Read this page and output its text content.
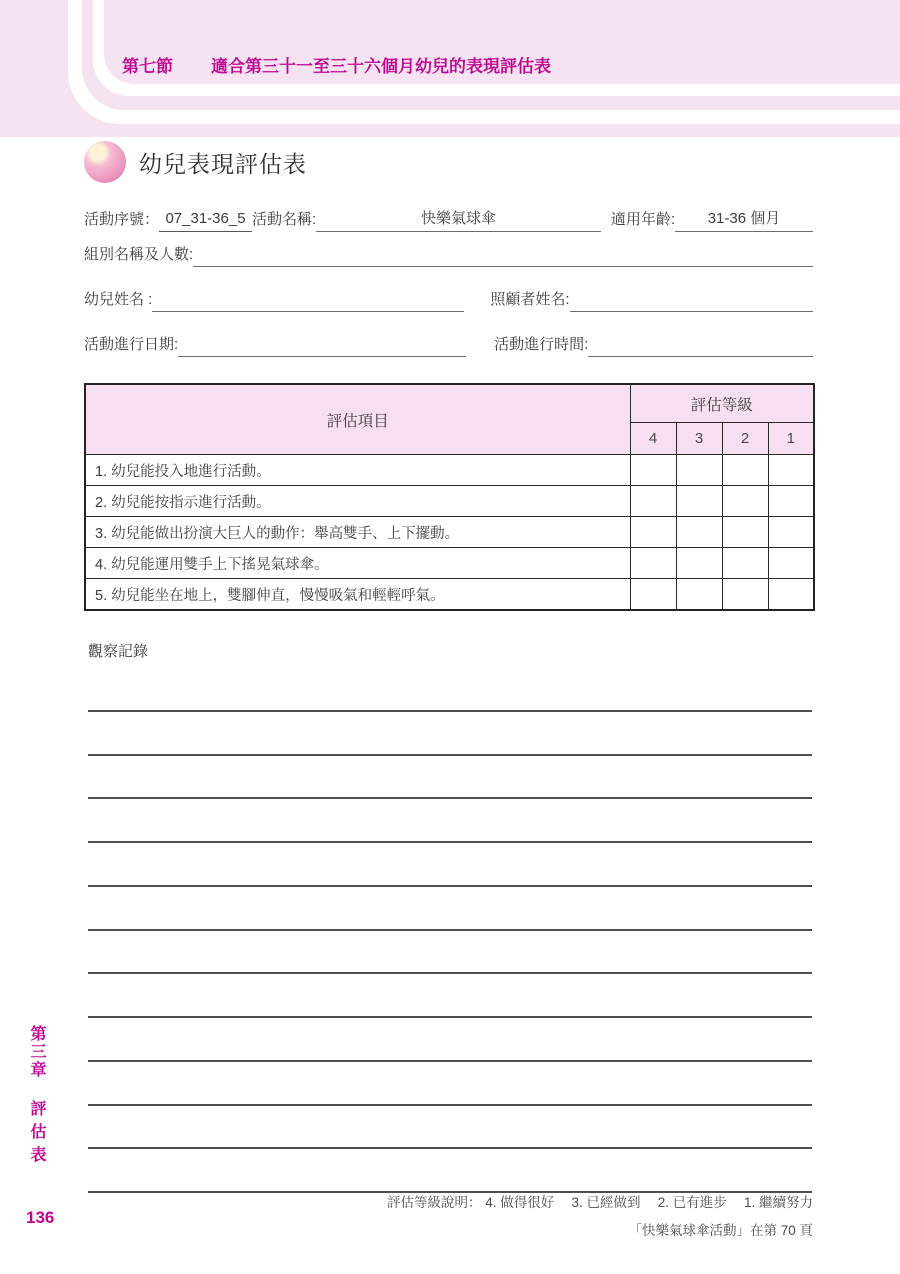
第七節 適合第三十一至三十六個月幼兒的表現評估表
幼兒表現評估表
活動序號： 07_31-36_5 活動名稱:	快樂氣球傘	適用年齡:	31-36 個月
組別名稱及人數:
幼兒姓名 :	照顧者姓名:
活動進行日期:	活動進行時間:
評估項目	評估等級			
	4	3	2	1
1. 幼兒能投入地進行活動。				
2. 幼兒能按指示進行活動。				
3. 幼兒能做出扮演大巨人的動作：舉高雙手、上下擺動。				
4. 幼兒能運用雙手上下搖晃氣球傘。				
5. 幼兒能坐在地上，雙腳伸直，慢慢吸氣和輕輕呼氣。				
觀察記錄
評估等級說明： 4. 做得很好　 3. 已經做到　 2. 已有進步　 1. 繼續努力
「快樂氣球傘活動」在第 70 頁
第三章
評估表
136
